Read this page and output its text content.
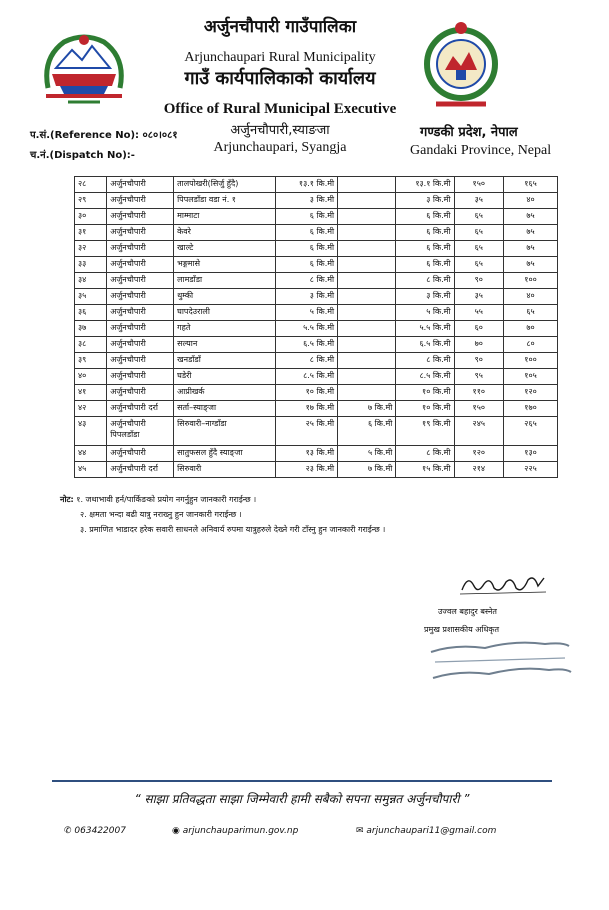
अर्जुनचौपारी गाउँपालिका
Arjunchaupari Rural Municipality
गाउँ कार्यपालिकाको कार्यालय
Office of Rural Municipal Executive
अर्जुनचौपारी,स्याङजा
Arjunchaupari, Syangja
प.सं.(Reference No): ०८०।०८१
च.नं.(Dispatch No):-
गण्डकी प्रदेश, नेपाल
Gandaki Province, Nepal
२८	अर्जुनचौपारी	तालपोखरी(सिर्जु हुँदै)	१३.१ कि.मी		१३.१ कि.मी	१५०	१६५
२९	अर्जुनचौपारी	पिपलडाँडा वडा नं. १	३ कि.मी		३ कि.मी	३५	४०
३०	अर्जुनचौपारी	माम्माटा	६ कि.मी		६ कि.मी	६५	७५
३१	अर्जुनचौपारी	केवरे	६ कि.मी		६ कि.मी	६५	७५
३२	अर्जुनचौपारी	खाल्टे	६ कि.मी		६ कि.मी	६५	७५
३३	अर्जुनचौपारी	भङ्गमासे	६ कि.मी		६ कि.मी	६५	७५
३४	अर्जुनचौपारी	लामडाँडा	८ कि.मी		८ कि.मी	९०	१००
३५	अर्जुनचौपारी	थुम्की	३ कि.मी		३ कि.मी	३५	४०
३६	अर्जुनचौपारी	घापदेउराली	५ कि.मी		५ कि.मी	५५	६५
३७	अर्जुनचौपारी	गहते	५.५ कि.मी		५.५ कि.मी	६०	७०
३८	अर्जुनचौपारी	सल्यान	६.५ कि.मी		६.५ कि.मी	७०	८०
३९	अर्जुनचौपारी	खनडाँडाँ	८ कि.मी		८ कि.मी	९०	१००
४०	अर्जुनचौपारी	घडेरी	८.५ कि.मी		८.५ कि.मी	९५	१०५
४१	अर्जुनचौपारी	आप्रीखर्क	१० कि.मी		१० कि.मी	११०	१२०
४२	अर्जुनचौपारी दर्रा	सर्ता–स्याङ्जा	१७ कि.मी	७ कि.मी	१० कि.मी	१५०	१७०
४३	अर्जुनचौपारी पिपलडाँडा	सिरुवारी–नाग्डाँडा	२५ कि.मी	६ कि.मी	१९ कि.मी	२४५	२६५
४४	अर्जुनचौपारी	सातुफसल हुँदै स्याङ्जा	१३ कि.मी	५ कि.मी	८ कि.मी	१२०	१३०
४५	अर्जुनचौपारी दर्रा	सिरुवारी	२३ कि.मी	७ कि.मी	१५ कि.मी	२१४	२२५
नोट: १. जथाभावी हर्न/पार्किङको प्रयोग नगर्नुहुन जानकारी गराईन्छ ।
२. क्षमता भन्दा बढी यात्रु नराख्नु हुन जानकारी गराईन्छ ।
३. प्रमाणित भाडादर हरेक सवारी साधनले अनिवार्य रुपमा यात्रुहरुले देख्ने गरी टाँस्नु हुन जानकारी गराईन्छ ।
उज्वल बहादुर बस्नेत
प्रमुख प्रशासकीय अधिकृत
“ साझा प्रतिवद्धता साझा जिम्मेवारी हामी सबैको सपना समुन्नत अर्जुनचौपारी ”
✆ 063422007	◉ arjunchauparimun.gov.np	✉ arjunchaupari11@gmail.com
